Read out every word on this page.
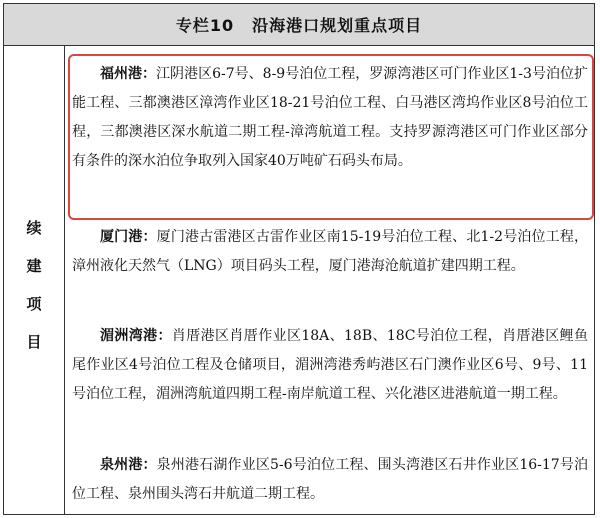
专栏10 沿海港口规划重点项目
续
建
项
目

福州港：江阴港区6-7号、8-9号泊位工程，罗源湾港区可门作业区1-3号泊位扩能工程、三都澳港区漳湾作业区18-21号泊位工程、白马港区湾坞作业区8号泊位工程，三都澳港区深水航道二期工程-漳湾航道工程。支持罗源湾港区可门作业区部分有条件的深水泊位争取列入国家40万吨矿石码头布局。

厦门港：厦门港古雷港区古雷作业区南15-19号泊位工程、北1-2号泊位工程，漳州液化天然气（LNG）项目码头工程，厦门港海沧航道扩建四期工程。

湄洲湾港：肖厝港区肖厝作业区18A、18B、18C号泊位工程，肖厝港区鲤鱼尾作业区4号泊位工程及仓储项目，湄洲湾港秀屿港区石门澳作业区6号、9号、11号泊位工程，湄洲湾航道四期工程-南岸航道工程、兴化港区进港航道一期工程。

泉州港：泉州港石湖作业区5-6号泊位工程、围头湾港区石井作业区16-17号泊位工程、泉州围头湾石井航道二期工程。
